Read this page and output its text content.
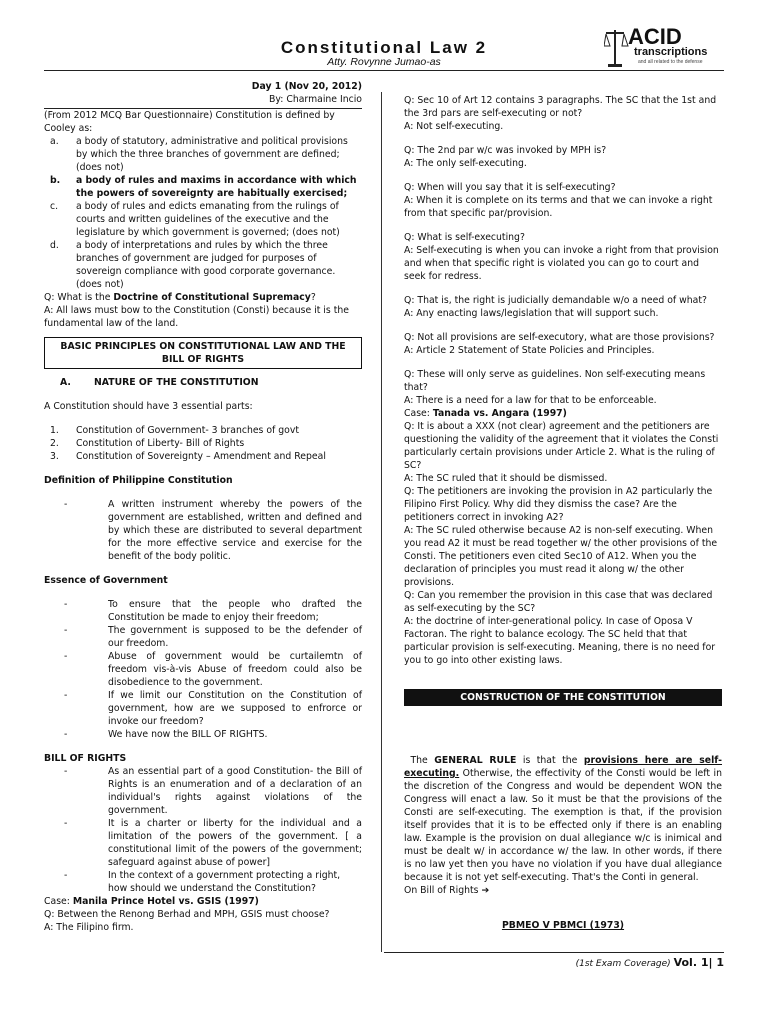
Constitutional Law 2
Atty. Rovynne Jumao-as
ACID
transcriptions
and all related to the defense

Day 1 (Nov 20, 2012)

By: Charmaine Incio

(From 2012 MCQ Bar Questionnaire) Constitution is defined by Cooley as:

a.	a body of statutory, administrative and political provisions by which the three branches of government are defined; (does not)
b.	a body of rules and maxims in accordance with which the powers of sovereignty are habitually exercised;
c.	a body of rules and edicts emanating from the rulings of courts and written guidelines of the executive and the legislature by which government is governed; (does not)
d.	a body of interpretations and rules by which the three branches of government are judged for purposes of sovereign compliance with good corporate governance. (does not)

Q: What is the Doctrine of Constitutional Supremacy?

A: All laws must bow to the Constitution (Consti) because it is the fundamental law of the land.

BASIC PRINCIPLES ON CONSTITUTIONAL LAW AND THE BILL OF RIGHTS
A.	NATURE OF THE CONSTITUTION

A Constitution should have 3 essential parts:

1.	Constitution of Government- 3 branches of govt
2.	Constitution of Liberty- Bill of Rights
3.	Constitution of Sovereignty – Amendment and Repeal

Definition of Philippine Constitution

-	A written instrument whereby the powers of the government are established, written and defined and by which these are distributed to several department for the more effective service and exercise for the benefit of the body politic.

Essence of Government

-	To ensure that the people who drafted the Constitution be made to enjoy their freedom;
-	The government is supposed to be the defender of our freedom.
-	Abuse of government would be curtailemtn of freedom vis-à-vis Abuse of freedom could also be disobedience to the government.
-	If we limit our Constitution on the Constitution of government, how are we supposed to enfrorce or invoke our freedom?
-	We have now the BILL OF RIGHTS.

BILL OF RIGHTS

-	As an essential part of a good Constitution- the Bill of Rights is an enumeration and of a declaration of an individual's rights against violations of the government.
-	It is a charter or liberty for the individual and a limitation of the powers of the government. [ a constitutional limit of the powers of the government; safeguard against abuse of power]
-	In the context of a government protecting a right, how should we understand the Constitution?

Case: Manila Prince Hotel vs. GSIS (1997)

Q: Between the Renong Berhad and MPH, GSIS must choose?

A: The Filipino firm.

Q: Sec 10 of Art 12 contains 3 paragraphs. The SC that the 1st and the 3rd pars are self-executing or not?

A: Not self-executing.

Q: The 2nd par w/c was invoked by MPH is?

A: The only self-executing.

Q: When will you say that it is self-executing?

A: When it is complete on its terms and that we can invoke a right from that specific par/provision.

Q: What is self-executing?

A: Self-executing is when you can invoke a right from that provision and when that specific right is violated you can go to court and seek for redress.

Q: That is, the right is judicially demandable w/o a need of what?

A: Any enacting laws/legislation that will support such.

Q: Not all provisions are self-executory, what are those provisions?

A: Article 2 Statement of State Policies and Principles.

Q: These will only serve as guidelines. Non self-executing means that?

A: There is a need for a law for that to be enforceable.

Case: Tanada vs. Angara (1997)

Q: It is about a XXX (not clear) agreement and the petitioners are questioning the validity of the agreement that it violates the Consti particularly certain provisions under Article 2. What is the ruling of SC?

A: The SC ruled that it should be dismissed.

Q: The petitioners are invoking the provision in A2 particularly the Filipino First Policy. Why did they dismiss the case? Are the petitioners correct in invoking A2?

A: The SC ruled otherwise because A2 is non-self executing. When you read A2 it must be read together w/ the other provisions of the Consti. The petitioners even cited Sec10 of A12. When you the declaration of principles you must read it along w/ the other provisions.

Q: Can you remember the provision in this case that was declared as self-executing by the SC?

A: the doctrine of inter-generational policy. In case of Oposa V Factoran. The right to balance ecology. The SC held that that particular provision is self-executing. Meaning, there is no need for you to go into other existing laws.

CONSTRUCTION OF THE CONSTITUTION

The GENERAL RULE is that the provisions here are self-executing. Otherwise, the effectivity of the Consti would be left in the discretion of the Congress and would be dependent WON the Congress will enact a law. So it must be that the provisions of the Consti are self-executing. The exemption is that, if the provision itself provides that it is to be effected only if there is an enabling law. Example is the provision on dual allegiance w/c is inimical and must be dealt w/ in accordance w/ the law. In other words, if there is no law yet then you have no violation if you have dual allegiance because it is not yet self-executing. That's the Conti in general.

On Bill of Rights ➔

PBMEO V PBMCI (1973)

(1st Exam Coverage) Vol. 1| 1
